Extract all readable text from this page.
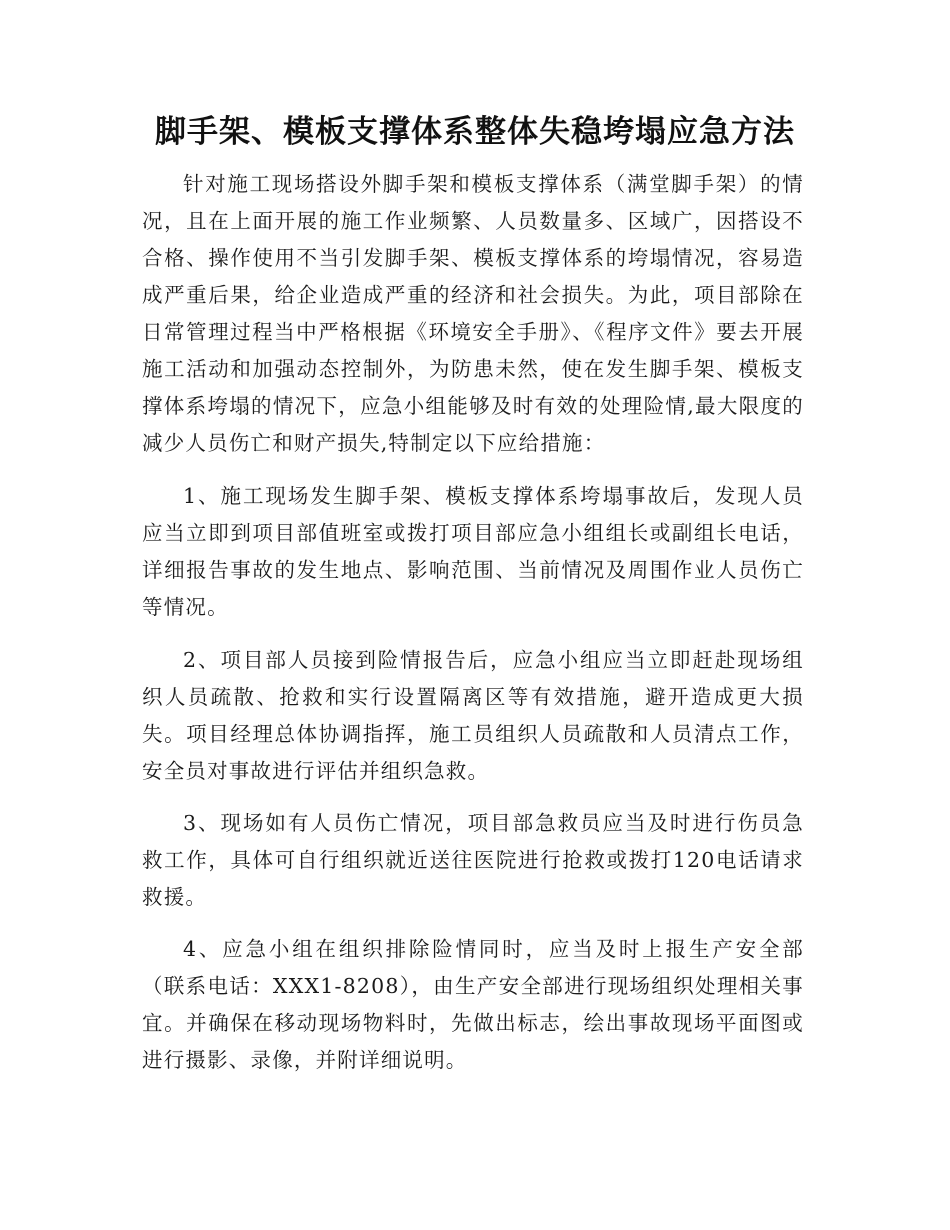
脚手架、模板支撑体系整体失稳垮塌应急方法

针对施工现场搭设外脚手架和模板支撑体系（满堂脚手架）的情况，且在上面开展的施工作业频繁、人员数量多、区域广，因搭设不合格、操作使用不当引发脚手架、模板支撑体系的垮塌情况，容易造成严重后果，给企业造成严重的经济和社会损失。为此，项目部除在日常管理过程当中严格根据《环境安全手册》、《程序文件》要去开展施工活动和加强动态控制外，为防患未然，使在发生脚手架、模板支撑体系垮塌的情况下，应急小组能够及时有效的处理险情,最大限度的减少人员伤亡和财产损失,特制定以下应给措施：

1、施工现场发生脚手架、模板支撑体系垮塌事故后，发现人员应当立即到项目部值班室或拨打项目部应急小组组长或副组长电话，详细报告事故的发生地点、影响范围、当前情况及周围作业人员伤亡等情况。

2、项目部人员接到险情报告后，应急小组应当立即赶赴现场组织人员疏散、抢救和实行设置隔离区等有效措施，避开造成更大损失。项目经理总体协调指挥，施工员组织人员疏散和人员清点工作，安全员对事故进行评估并组织急救。

3、现场如有人员伤亡情况，项目部急救员应当及时进行伤员急救工作，具体可自行组织就近送往医院进行抢救或拨打120电话请求救援。

4、应急小组在组织排除险情同时，应当及时上报生产安全部（联系电话：XXX1-8208），由生产安全部进行现场组织处理相关事宜。并确保在移动现场物料时，先做出标志，绘出事故现场平面图或进行摄影、录像，并附详细说明。
